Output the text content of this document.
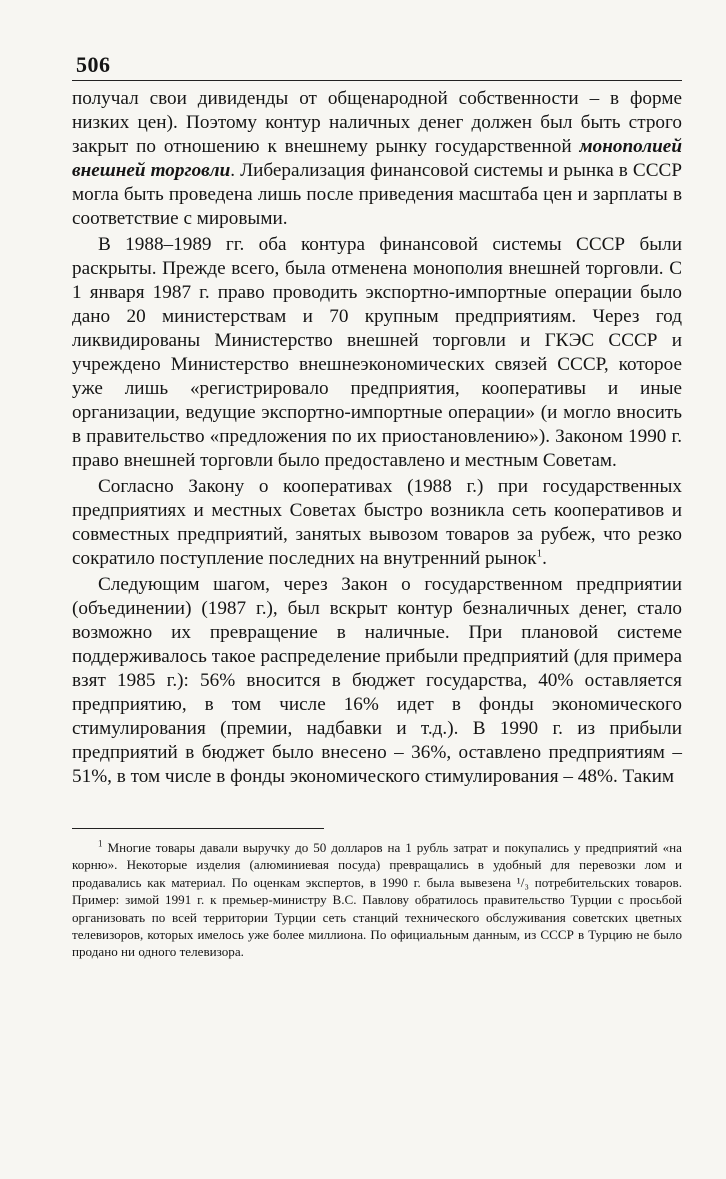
506

получал свои дивиденды от общенародной собственности – в форме низких цен). Поэтому контур наличных денег должен был быть строго закрыт по отношению к внешнему рынку государственной монополией внешней торговли. Либерализация финансовой системы и рынка в СССР могла быть проведена лишь после приведения масштаба цен и зарплаты в соответствие с мировыми.

В 1988–1989 гг. оба контура финансовой системы СССР были раскрыты. Прежде всего, была отменена монополия внешней торговли. С 1 января 1987 г. право проводить экспортно-импортные операции было дано 20 министерствам и 70 крупным предприятиям. Через год ликвидированы Министерство внешней торговли и ГКЭС СССР и учреждено Министерство внешнеэкономических связей СССР, которое уже лишь «регистрировало предприятия, кооперативы и иные организации, ведущие экспортно-импортные операции» (и могло вносить в правительство «предложения по их приостановлению»). Законом 1990 г. право внешней торговли было предоставлено и местным Советам.

Согласно Закону о кооперативах (1988 г.) при государственных предприятиях и местных Советах быстро возникла сеть кооперативов и совместных предприятий, занятых вывозом товаров за рубеж, что резко сократило поступление последних на внутренний рынок$^1$.

Следующим шагом, через Закон о государственном предприятии (объединении) (1987 г.), был вскрыт контур безналичных денег, стало возможно их превращение в наличные. При плановой системе поддерживалось такое распределение прибыли предприятий (для примера взят 1985 г.): 56% вносится в бюджет государства, 40% оставляется предприятию, в том числе 16% идет в фонды экономического стимулирования (премии, надбавки и т.д.). В 1990 г. из прибыли предприятий в бюджет было внесено – 36%, оставлено предприятиям – 51%, в том числе в фонды экономического стимулирования – 48%. Таким

$^1$ Многие товары давали выручку до 50 долларов на 1 рубль затрат и покупались у предприятий «на корню». Некоторые изделия (алюминиевая посуда) превращались в удобный для перевозки лом и продавались как материал. По оценкам экспертов, в 1990 г. была вывезена ¹/₃ потребительских товаров. Пример: зимой 1991 г. к премьер-министру В.С. Павлову обратилось правительство Турции с просьбой организовать по всей территории Турции сеть станций технического обслуживания советских цветных телевизоров, которых имелось уже более миллиона. По официальным данным, из СССР в Турцию не было продано ни одного телевизора.
